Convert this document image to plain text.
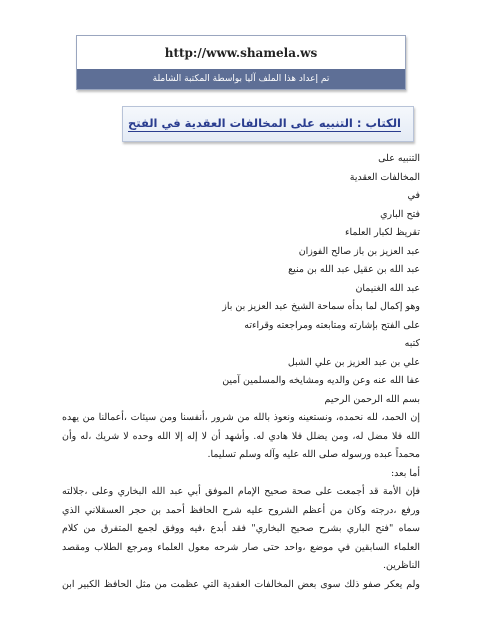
http://www.shamela.ws
تم إعداد هذا الملف آليا بواسطة المكتبة الشاملة
الكتاب : التنبيه على المخالفات العقدية في الفتح
التنبيه على
المخالفات العقدية
في
فتح الباري
تقريظ لكبار العلماء
عبد العزيز بن باز صالح الفوزان
عبد الله بن عقيل عبد الله بن منيع
عبد الله الغنيمان
وهو إكمال لما بدأه سماحة الشيخ عبد العزيز بن باز
على الفتح بإشارته ومتابعته ومراجعته وقراءته
كتبه
علي بن عبد العزيز بن علي الشبل
عفا الله عنه وعن والديه ومشايخه والمسلمين آمين
بسم الله الرحمن الرحيم
إن الحمد، لله نحمده، ونستعينه ونعوذ بالله من شرور ،أنفسنا ومن سيئات ،أعمالنا من يهده
الله فلا مضل له، ومن يضلل فلا هادي له. وأشهد أن لا إله إلا الله وحده لا شريك ،له وأن
محمداً عبده ورسوله صلى الله عليه وآله وسلم تسليما.
أما بعد:
فإن الأمة قد أجمعت على صحة صحيح الإمام الموفق أبي عبد الله البخاري وعلى ،جلالته
ورفع ،درجته وكان من أعظم الشروح عليه شرح الحافظ أحمد بن حجر العسقلاني الذي
سماه "فتح الباري بشرح صحيح البخاري" فقد أبدع ،فيه ووفق لجمع المتفرق من كلام
العلماء السابقين في موضع ،واحد حتى صار شرحه معول العلماء ومرجع الطلاب ومقصد
الناظرين.
ولم يعكر صفو ذلك سوى بعض المخالفات العقدية التي عظمت من مثل الحافظ الكبير ابن
